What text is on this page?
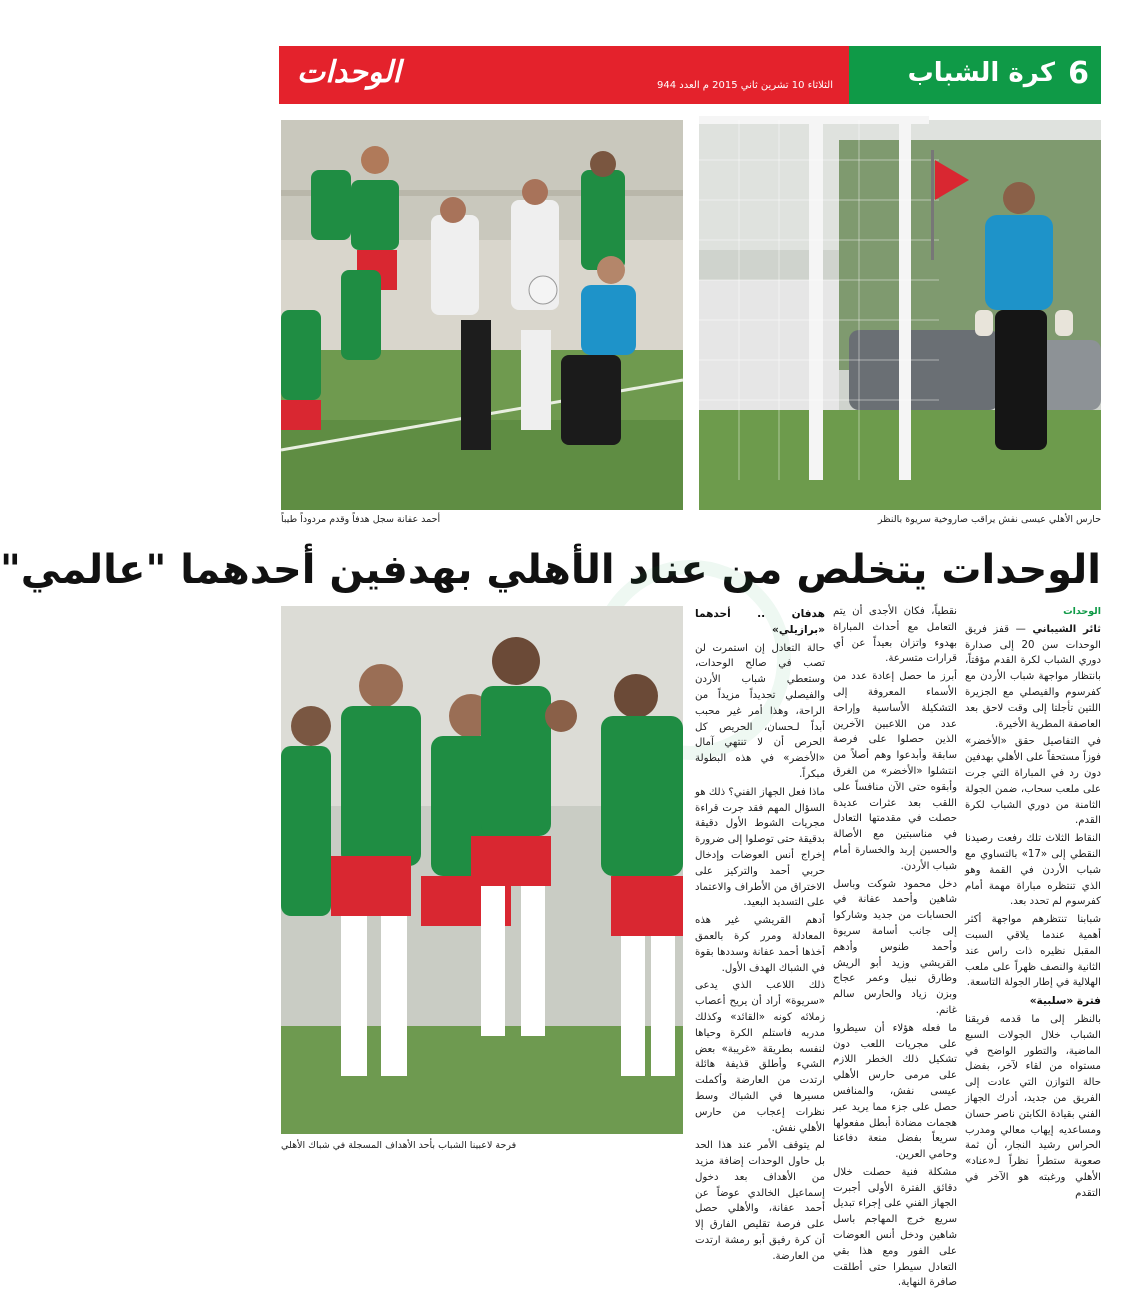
الوحدات	الثلاثاء 10 تشرين ثاني 2015 م العدد 944	كرة الشباب 6
أحمد عفانة سجل هدفاً وقدم مردوداً طيباً	حارس الأهلي عيسى نفش يراقب صاروخية سريوة بالنظر
الوحدات يتخلص من عناد الأهلي بهدفين أحدهما "عالمي"
فرحة لاعبينا الشباب بأحد الأهداف المسجلة في شباك الأهلي
الوحدات

ثائر الشيباني — قفز فريق الوحدات سن 20 إلى صدارة دوري الشباب لكرة القدم مؤقتاً، بانتظار مواجهة شباب الأردن مع كفرسوم والفيصلي مع الجزيرة اللتين تأجلتا إلى وقت لاحق بعد العاصفة المطرية الأخيرة.

في التفاصيل حقق «الأخضر» فوزاً مستحقاً على الأهلي بهدفين دون رد في المباراة التي جرت على ملعب سحاب، ضمن الجولة الثامنة من دوري الشباب لكرة القدم.

النقاط الثلاث تلك رفعت رصيدنا النقطي إلى «17» بالتساوي مع شباب الأردن في القمة وهو الذي تنتظره مباراة مهمة أمام كفرسوم لم تحدد بعد.

شبابنا تنتظرهم مواجهة أكثر أهمية عندما يلاقي السبت المقبل نظيره ذات راس عند الثانية والنصف ظهراً على ملعب الهلالية في إطار الجولة التاسعة.

فترة «سلبية»

بالنظر إلى ما قدمه فريقنا الشباب خلال الجولات السبع الماضية، والتطور الواضح في مستواه من لقاء لآخر، بفضل حالة التوازن التي عادت إلى الفريق من جديد، أدرك الجهاز الفني بقيادة الكابتن ناصر حسان ومساعديه إيهاب معالي ومدرب الحراس رشيد النجار، أن ثمة صعوبة ستطرأ نظراً لـ«عناد» الأهلي ورغبته هو الآخر في التقدم

نقطياً، فكان الأجدى أن يتم التعامل مع أحداث المباراة بهدوء واتزان بعيداً عن أي قرارات متسرعة.

أبرز ما حصل إعادة عدد من الأسماء المعروفة إلى التشكيلة الأساسية وإراحة عدد من اللاعبين الآخرين الذين حصلوا على فرصة سابقة وأبدعوا وهم أصلاً من انتشلوا «الأخضر» من الغرق وأبقوه حتى الآن منافساً على اللقب بعد عثرات عديدة حصلت في مقدمتها التعادل في مناسبتين مع الأصالة والحسين إربد والخسارة أمام شباب الأردن.

دخل محمود شوكت وباسل شاهين وأحمد عفانة في الحسابات من جديد وشاركوا إلى جانب أسامة سريوة وأحمد طنوس وأدهم القريشي وزيد أبو الريش وطارق نبيل وعمر عجاج وبزن زياد والحارس سالم غانم.

ما فعله هؤلاء أن سيطروا على مجريات اللعب دون تشكيل ذلك الخطر اللازم على مرمى حارس الأهلي عيسى نفش، والمنافس حصل على جزء مما يريد عبر هجمات مضادة أبطل مفعولها سريعاً بفضل منعة دفاعنا وحامي العرين.

مشكلة فنية حصلت خلال دقائق الفترة الأولى أجبرت الجهاز الفني على إجراء تبديل سريع خرج المهاجم باسل شاهين ودخل أنس العوضات على الفور ومع هذا بقي التعادل سيطرا حتى أطلقت صافرة النهاية.

هدفان .. أحدهما «برازيلي»

حالة التعادل إن استمرت لن تصب في صالح الوحدات، وستعطي شباب الأردن والفيصلي تحديداً مزيداً من الراحة، وهذا أمر غير محبب أبداً لـحسان، الحريص كل الحرص أن لا تنتهي آمال «الأخضر» في هذه البطولة مبكراً.

ماذا فعل الجهاز الفني؟ ذلك هو السؤال المهم فقد جرت قراءة مجريات الشوط الأول دقيقة بدقيقة حتى توصلوا إلى ضرورة إخراج أنس العوضات وإدخال حربي أحمد والتركيز على الاختراق من الأطراف والاعتماد على التسديد البعيد.

أدهم القريشي غير هذه المعادلة ومرر كرة بالعمق أخذها أحمد عفانة وسددها بقوة في الشباك الهدف الأول.

ذلك اللاعب الذي يدعى «سريوة» أراد أن يريح أعصاب زملائه كونه «القائد» وكذلك مدربه فاستلم الكرة وحياها لنفسه بطريقة «غريبة» بعض الشيء وأطلق قذيفة هائلة ارتدت من العارضة وأكملت مسيرها في الشباك وسط نظرات إعجاب من حارس الأهلي نفش.

لم يتوقف الأمر عند هذا الحد بل حاول الوحدات إضافة مزيد من الأهداف بعد دخول إسماعيل الخالدي عوضاً عن أحمد عفانة، والأهلي حصل على فرصة تقليص الفارق إلا أن كرة رفيق أبو رمشة ارتدت من العارضة.
